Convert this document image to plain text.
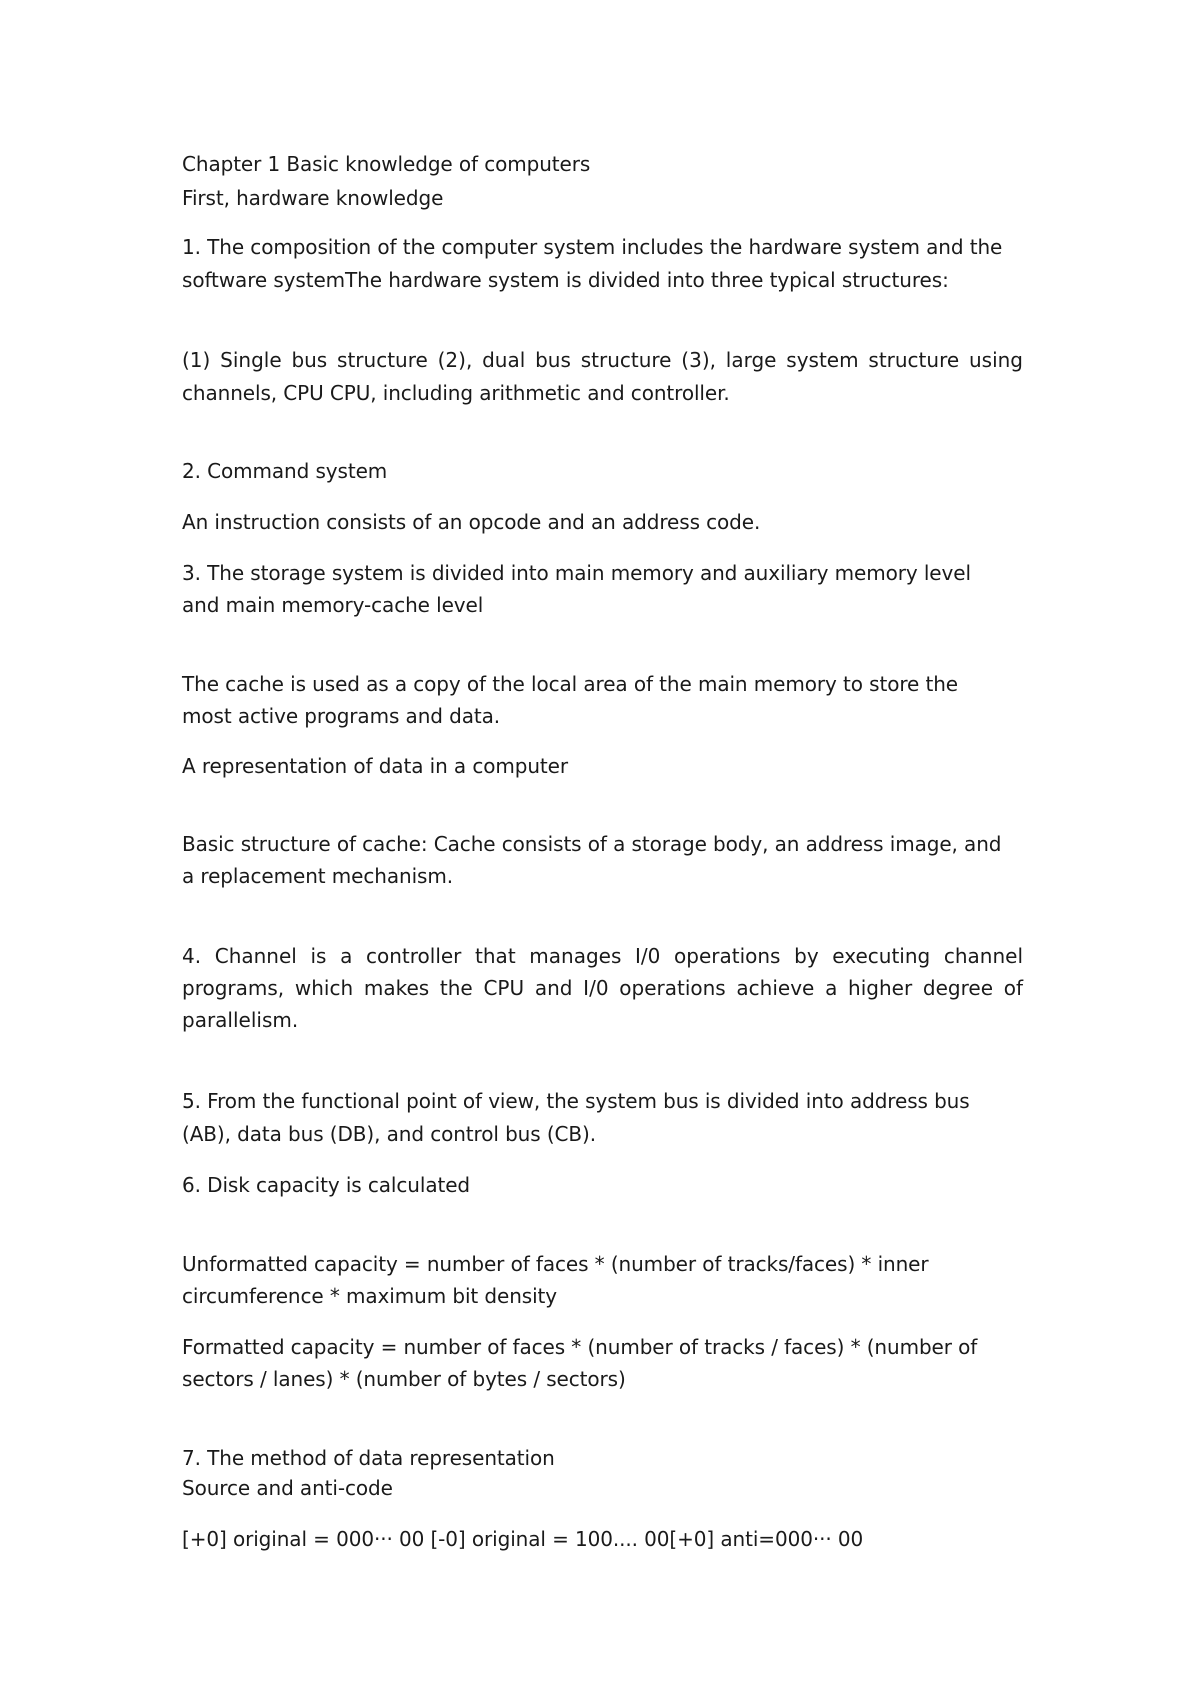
Chapter 1 Basic knowledge of computers

First, hardware knowledge

1. The composition of the computer system includes the hardware system and the

software systemThe hardware system is divided into three typical structures:

(1) Single bus structure (2), dual bus structure (3), large system structure using

channels, CPU CPU, including arithmetic and controller.

2. Command system

An instruction consists of an opcode and an address code.

3. The storage system is divided into main memory and auxiliary memory level

and main memory-cache level

The cache is used as a copy of the local area of the main memory to store the

most active programs and data.

A representation of data in a computer

Basic structure of cache: Cache consists of a storage body, an address image, and

a replacement mechanism.

4. Channel is a controller that manages I/0 operations by executing channel
programs, which makes the CPU and I/0 operations achieve a higher degree of
parallelism.

5. From the functional point of view, the system bus is divided into address bus

(AB), data bus (DB), and control bus (CB).

6. Disk capacity is calculated

Unformatted capacity = number of faces * (number of tracks/faces) * inner

circumference * maximum bit density

Formatted capacity = number of faces * (number of tracks / faces) * (number of

sectors / lanes) * (number of bytes / sectors)

7. The method of data representation

Source and anti-code

[+0] original = 000··· 00 [-0] original = 100.... 00[+0] anti=000··· 00
